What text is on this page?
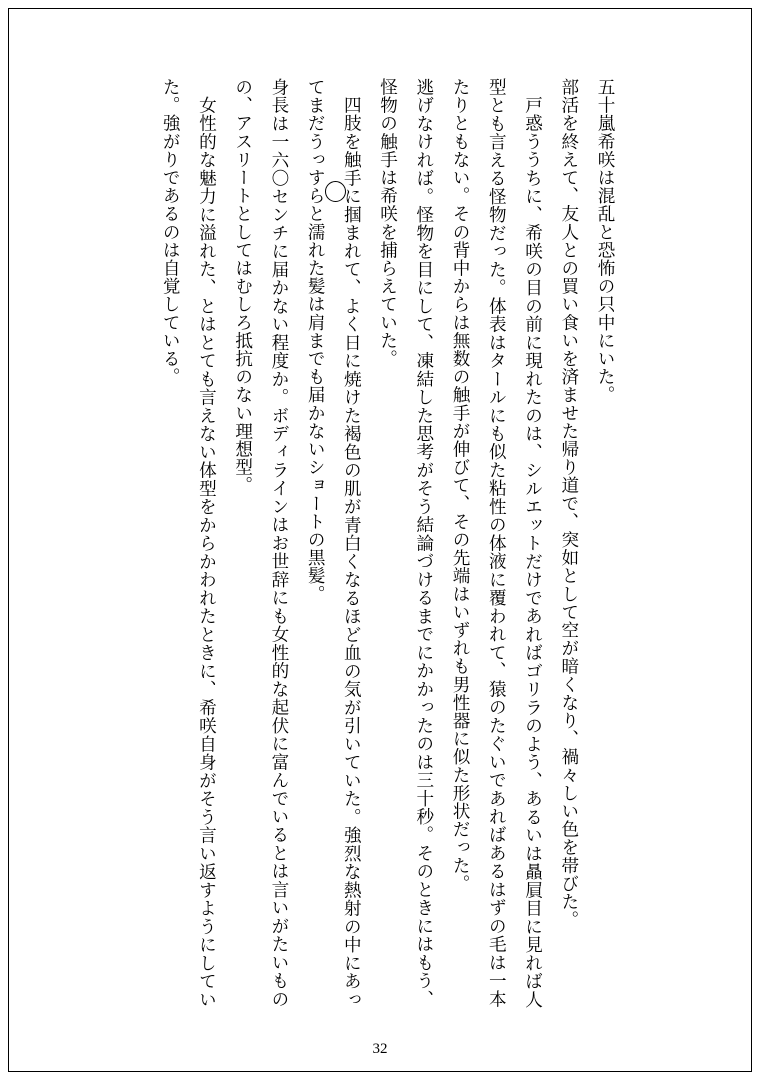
五十嵐希咲は混乱と恐怖の只中にいた。

部活を終えて、友人との買い食いを済ませた帰り道で、突如として空が暗くなり、禍々しい色を帯びた。

戸惑ううちに、希咲の目の前に現れたのは、シルエットだけであればゴリラのよう、あるいは贔屓目に見れば人型とも言える怪物だった。体表はタールにも似た粘性の体液に覆われて、猿のたぐいであればあるはずの毛は一本たりともない。その背中からは無数の触手が伸びて、その先端はいずれも男性器に似た形状だった。

逃げなければ。怪物を目にして、凍結した思考がそう結論づけるまでにかかったのは三十秒。そのときにはもう、怪物の触手は希咲を捕らえていた。

四肢を触手に掴まれて、よく日に焼けた褐色の肌が青白くなるほど血の気が引いていた。強烈な熱射の中にあってまだうっすらと濡れた髪は肩までも届かないショートの黒髪。

身長は一六〇センチに届かない程度か。ボディラインはお世辞にも女性的な起伏に富んでいるとは言いがたいものの、アスリートとしてはむしろ抵抗のない理想型。

女性的な魅力に溢れた、とはとても言えない体型をからかわれたときに、希咲自身がそう言い返すようにしていた。強がりであるのは自覚している。

32
